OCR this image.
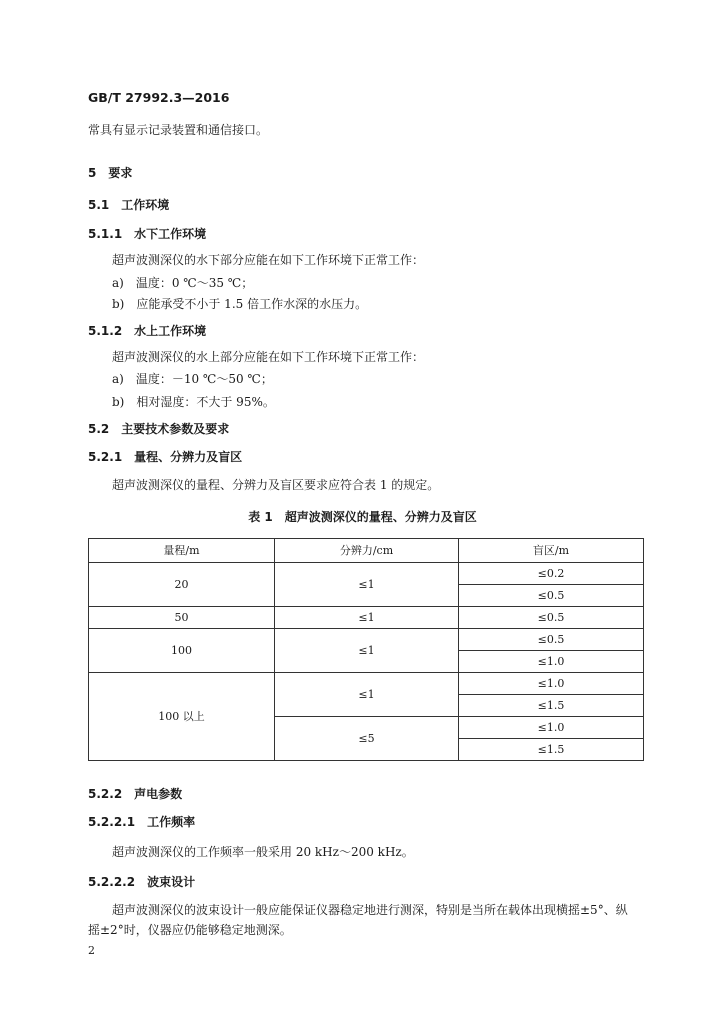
GB/T 27992.3—2016
常具有显示记录装置和通信接口。
5　要求
5.1　工作环境
5.1.1　水下工作环境
超声波测深仪的水下部分应能在如下工作环境下正常工作：
a)　温度：0 ℃～35 ℃；
b)　应能承受不小于 1.5 倍工作水深的水压力。
5.1.2　水上工作环境
超声波测深仪的水上部分应能在如下工作环境下正常工作：
a)　温度：－10 ℃～50 ℃；
b)　相对湿度：不大于 95%。
5.2　主要技术参数及要求
5.2.1　量程、分辨力及盲区
超声波测深仪的量程、分辨力及盲区要求应符合表 1 的规定。
表 1　超声波测深仪的量程、分辨力及盲区
量程/m	分辨力/cm	盲区/m
20	≤1	≤0.2
		≤0.5
50	≤1	≤0.5
100	≤1	≤0.5
		≤1.0
100 以上	≤1	≤1.0
		≤1.5
	≤5	≤1.0
		≤1.5
5.2.2　声电参数
5.2.2.1　工作频率
超声波测深仪的工作频率一般采用 20 kHz～200 kHz。
5.2.2.2　波束设计
超声波测深仪的波束设计一般应能保证仪器稳定地进行测深，特别是当所在载体出现横摇±5°、纵
摇±2°时，仪器应仍能够稳定地测深。
2
